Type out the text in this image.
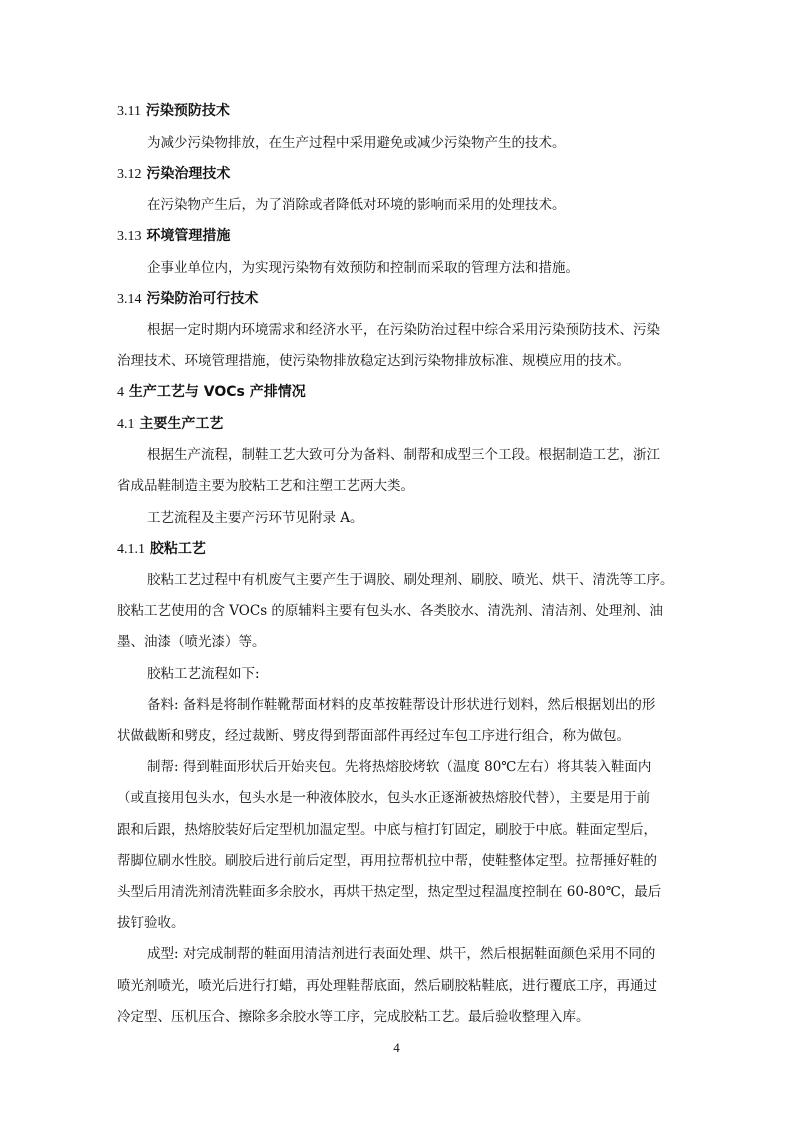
3.11 污染预防技术
为减少污染物排放，在生产过程中采用避免或减少污染物产生的技术。
3.12 污染治理技术
在污染物产生后，为了消除或者降低对环境的影响而采用的处理技术。
3.13 环境管理措施
企事业单位内，为实现污染物有效预防和控制而采取的管理方法和措施。
3.14 污染防治可行技术
根据一定时期内环境需求和经济水平，在污染防治过程中综合采用污染预防技术、污染
治理技术、环境管理措施，使污染物排放稳定达到污染物排放标准、规模应用的技术。
4 生产工艺与 VOCs 产排情况
4.1 主要生产工艺
根据生产流程，制鞋工艺大致可分为备料、制帮和成型三个工段。根据制造工艺，浙江
省成品鞋制造主要为胶粘工艺和注塑工艺两大类。
工艺流程及主要产污环节见附录 A。
4.1.1 胶粘工艺
胶粘工艺过程中有机废气主要产生于调胶、刷处理剂、刷胶、喷光、烘干、清洗等工序。
胶粘工艺使用的含 VOCs 的原辅料主要有包头水、各类胶水、清洗剂、清洁剂、处理剂、油
墨、油漆（喷光漆）等。
胶粘工艺流程如下:
备料: 备料是将制作鞋靴帮面材料的皮革按鞋帮设计形状进行划料，然后根据划出的形
状做截断和劈皮，经过裁断、劈皮得到帮面部件再经过车包工序进行组合，称为做包。
制帮: 得到鞋面形状后开始夹包。先将热熔胶烤软（温度 80℃左右）将其装入鞋面内
（或直接用包头水，包头水是一种液体胶水，包头水正逐渐被热熔胶代替），主要是用于前
跟和后跟，热熔胶装好后定型机加温定型。中底与楦打钉固定，刷胶于中底。鞋面定型后，
帮脚位刷水性胶。刷胶后进行前后定型，再用拉帮机拉中帮，使鞋整体定型。拉帮捶好鞋的
头型后用清洗剂清洗鞋面多余胶水，再烘干热定型，热定型过程温度控制在 60-80℃，最后
拔钉验收。
成型: 对完成制帮的鞋面用清洁剂进行表面处理、烘干，然后根据鞋面颜色采用不同的
喷光剂喷光，喷光后进行打蜡，再处理鞋帮底面，然后刷胶粘鞋底，进行覆底工序，再通过
冷定型、压机压合、擦除多余胶水等工序，完成胶粘工艺。最后验收整理入库。
4
